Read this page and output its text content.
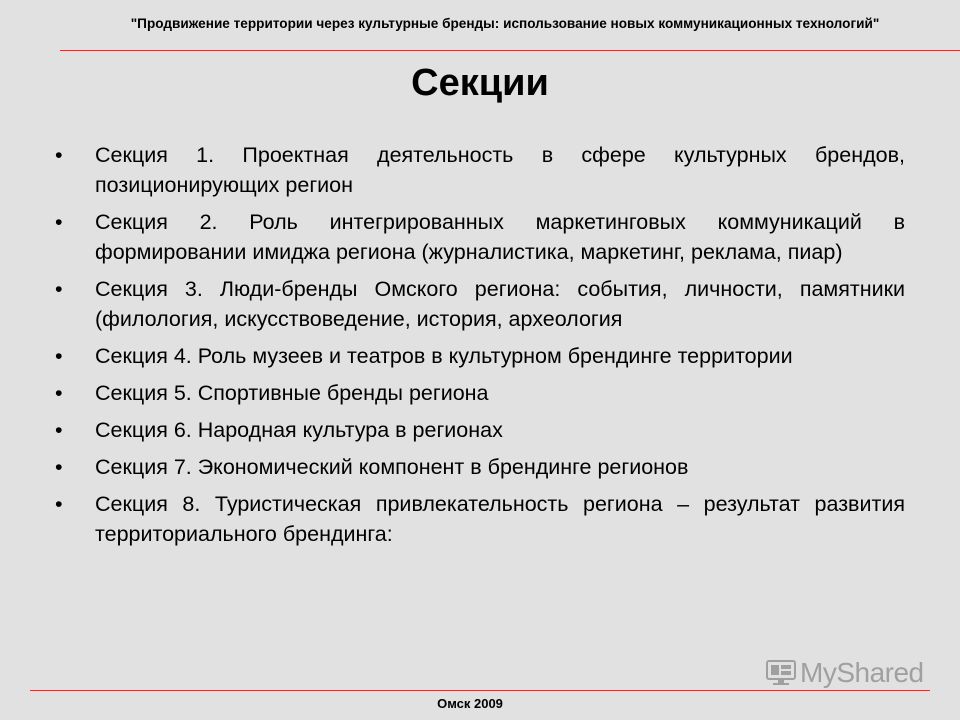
"Продвижение территории через культурные бренды: использование новых коммуникационных технологий"
Секции
• Секция 1. Проектная деятельность в сфере культурных брендов, позиционирующих регион
• Секция 2. Роль интегрированных маркетинговых коммуникаций в формировании имиджа региона (журналистика, маркетинг, реклама, пиар)
• Секция 3. Люди-бренды Омского региона: события, личности, памятники (филология, искусствоведение, история, археология
• Секция 4. Роль музеев и театров в культурном брендинге территории
• Секция 5. Спортивные бренды региона
• Секция 6. Народная культура в регионах
• Секция 7. Экономический компонент в брендинге регионов
• Секция 8. Туристическая привлекательность региона – результат развития территориального брендинга:
MyShared
Омск 2009
